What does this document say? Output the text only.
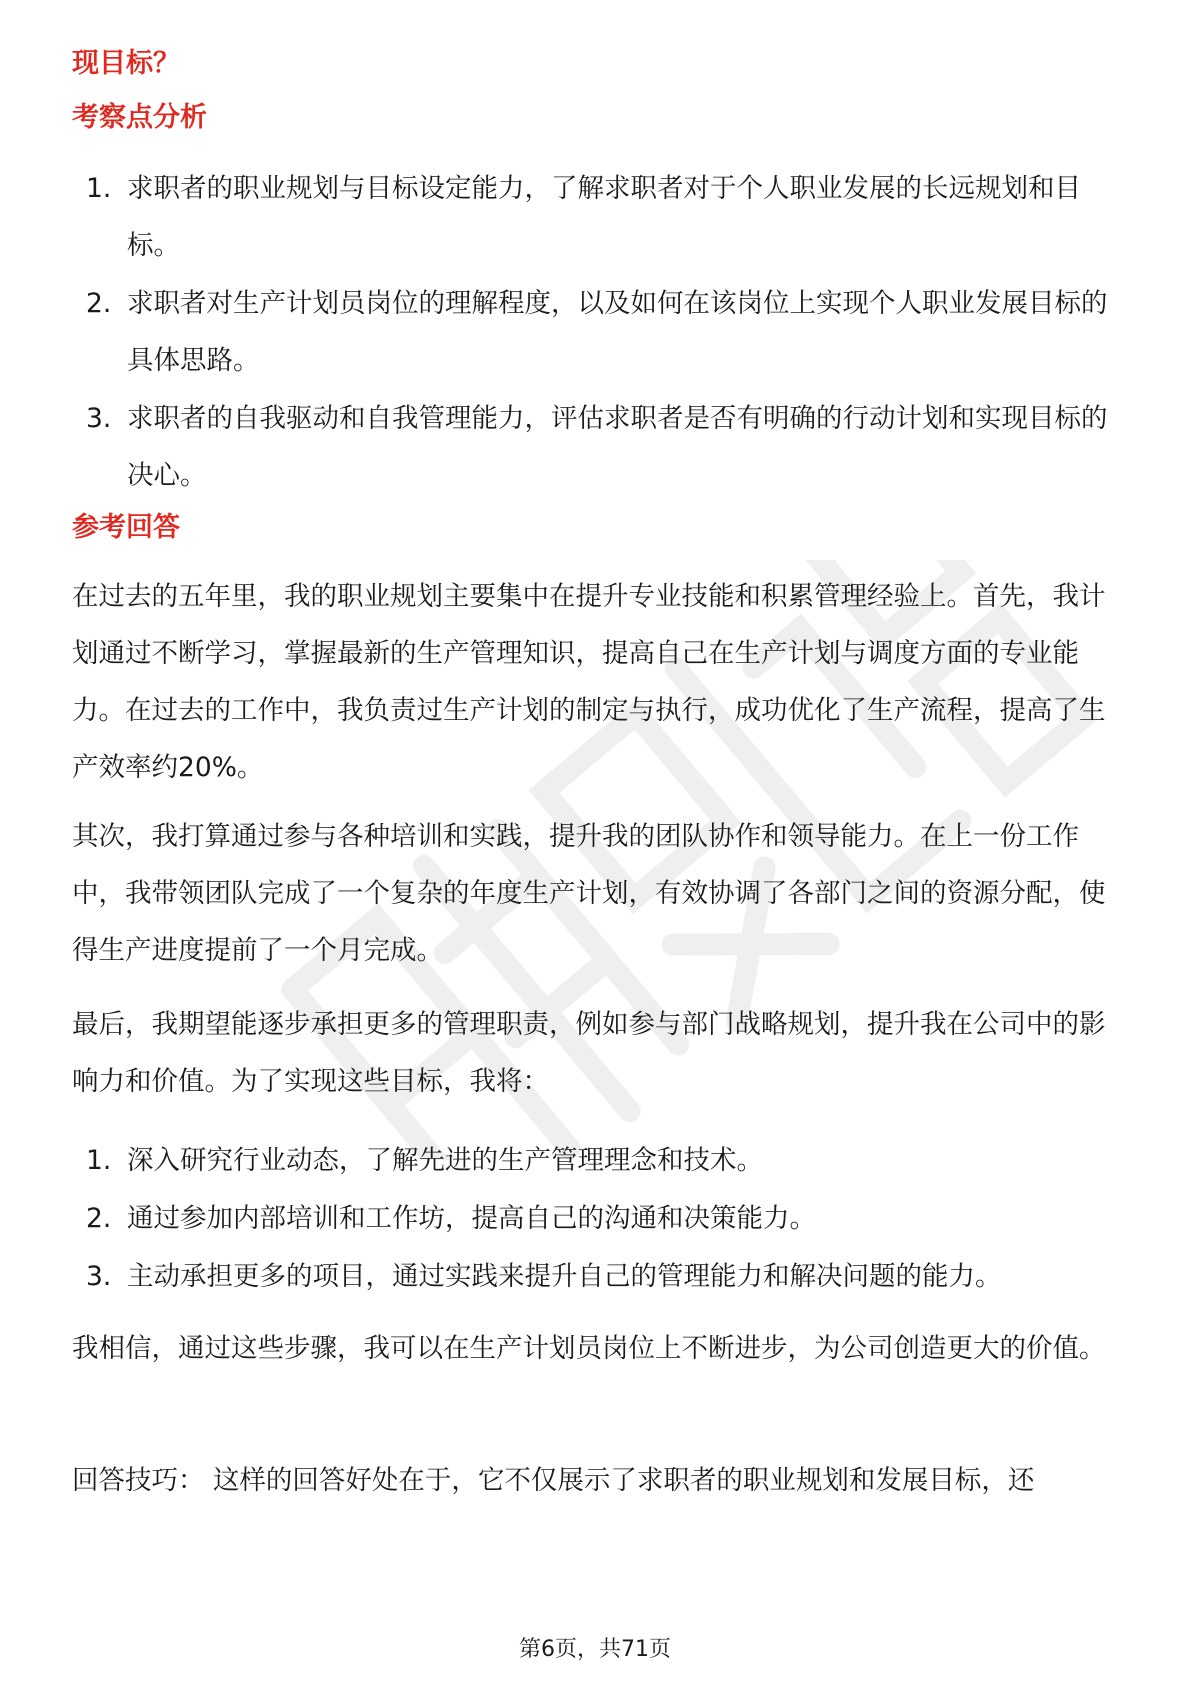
现目标？
考察点分析
1. 求职者的职业规划与目标设定能力，了解求职者对于个人职业发展的长远规划和目标。
2. 求职者对生产计划员岗位的理解程度，以及如何在该岗位上实现个人职业发展目标的具体思路。
3. 求职者的自我驱动和自我管理能力，评估求职者是否有明确的行动计划和实现目标的决心。
参考回答

在过去的五年里，我的职业规划主要集中在提升专业技能和积累管理经验上。首先，我计划通过不断学习，掌握最新的生产管理知识，提高自己在生产计划与调度方面的专业能力。在过去的工作中，我负责过生产计划的制定与执行，成功优化了生产流程，提高了生产效率约20%。

其次，我打算通过参与各种培训和实践，提升我的团队协作和领导能力。在上一份工作中，我带领团队完成了一个复杂的年度生产计划，有效协调了各部门之间的资源分配，使得生产进度提前了一个月完成。

最后，我期望能逐步承担更多的管理职责，例如参与部门战略规划，提升我在公司中的影响力和价值。为了实现这些目标，我将：

1. 深入研究行业动态，了解先进的生产管理理念和技术。
2. 通过参加内部培训和工作坊，提高自己的沟通和决策能力。
3. 主动承担更多的项目，通过实践来提升自己的管理能力和解决问题的能力。

我相信，通过这些步骤，我可以在生产计划员岗位上不断进步，为公司创造更大的价值。

回答技巧： 这样的回答好处在于，它不仅展示了求职者的职业规划和发展目标，还

第6页，共71页
